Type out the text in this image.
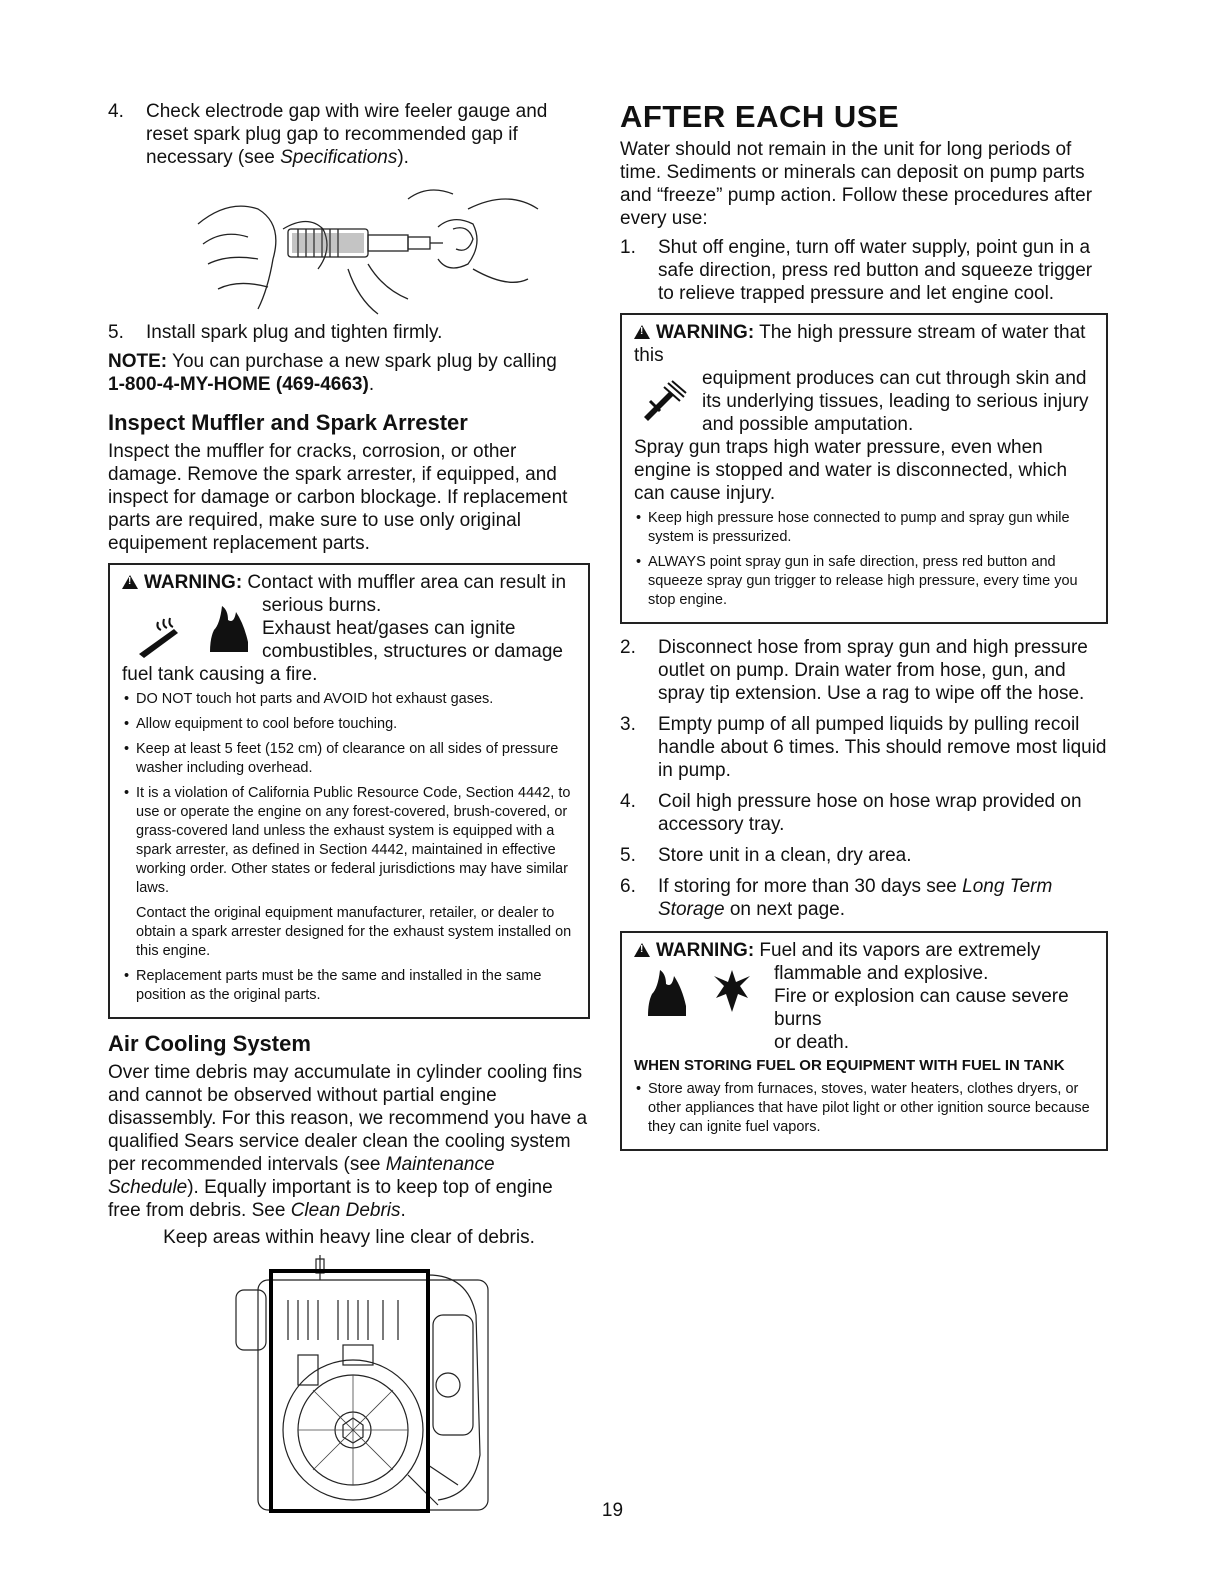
4.	Check electrode gap with wire feeler gauge and reset spark plug gap to recommended gap if necessary (see Specifications).
5.	Install spark plug and tighten firmly.

NOTE: You can purchase a new spark plug by calling
1-800-4-MY-HOME (469-4663).

Inspect Muffler and Spark Arrester

Inspect the muffler for cracks, corrosion, or other damage. Remove the spark arrester, if equipped, and inspect for damage or carbon blockage. If replacement parts are required, make sure to use only original equipement replacement parts.

!WARNING: Contact with muffler area can result in
serious burns.
Exhaust heat/gases can ignite
combustibles, structures or damage
fuel tank causing a fire.
• DO NOT touch hot parts and AVOID hot exhaust gases.
• Allow equipment to cool before touching.
• Keep at least 5 feet (152 cm) of clearance on all sides of pressure washer including overhead.
• It is a violation of California Public Resource Code, Section 4442, to use or operate the engine on any forest-covered, brush-covered, or grass-covered land unless the exhaust system is equipped with a spark arrester, as defined in Section 4442, maintained in effective working order. Other states or federal jurisdictions may have similar laws.
Contact the original equipment manufacturer, retailer, or dealer to obtain a spark arrester designed for the exhaust system installed on this engine.
• Replacement parts must be the same and installed in the same position as the original parts.
Air Cooling System

Over time debris may accumulate in cylinder cooling fins and cannot be observed without partial engine disassembly. For this reason, we recommend you have a qualified Sears service dealer clean the cooling system per recommended intervals (see Maintenance Schedule). Equally important is to keep top of engine free from debris. See Clean Debris.

Keep areas within heavy line clear of debris.
AFTER EACH USE

Water should not remain in the unit for long periods of time. Sediments or minerals can deposit on pump parts and “freeze” pump action. Follow these procedures after every use:

1.	Shut off engine, turn off water supply, point gun in a safe direction, press red button and squeeze trigger to relieve trapped pressure and let engine cool.
!WARNING: The high pressure stream of water that this
equipment produces can cut through skin and
its underlying tissues, leading to serious injury
and possible amputation.
Spray gun traps high water pressure, even when engine is stopped and water is disconnected, which can cause injury.
• Keep high pressure hose connected to pump and spray gun while system is pressurized.
• ALWAYS point spray gun in safe direction, press red button and squeeze spray gun trigger to release high pressure, every time you stop engine.
2.	Disconnect hose from spray gun and high pressure outlet on pump. Drain water from hose, gun, and spray tip extension. Use a rag to wipe off the hose.
3.	Empty pump of all pumped liquids by pulling recoil handle about 6 times. This should remove most liquid in pump.
4.	Coil high pressure hose on hose wrap provided on accessory tray.
5.	Store unit in a clean, dry area.
6.	If storing for more than 30 days see Long Term Storage on next page.
!WARNING: Fuel and its vapors are extremely
flammable and explosive.
Fire or explosion can cause severe burns
or death.
WHEN STORING FUEL OR EQUIPMENT WITH FUEL IN TANK
• Store away from furnaces, stoves, water heaters, clothes dryers, or other appliances that have pilot light or other ignition source because they can ignite fuel vapors.
19
